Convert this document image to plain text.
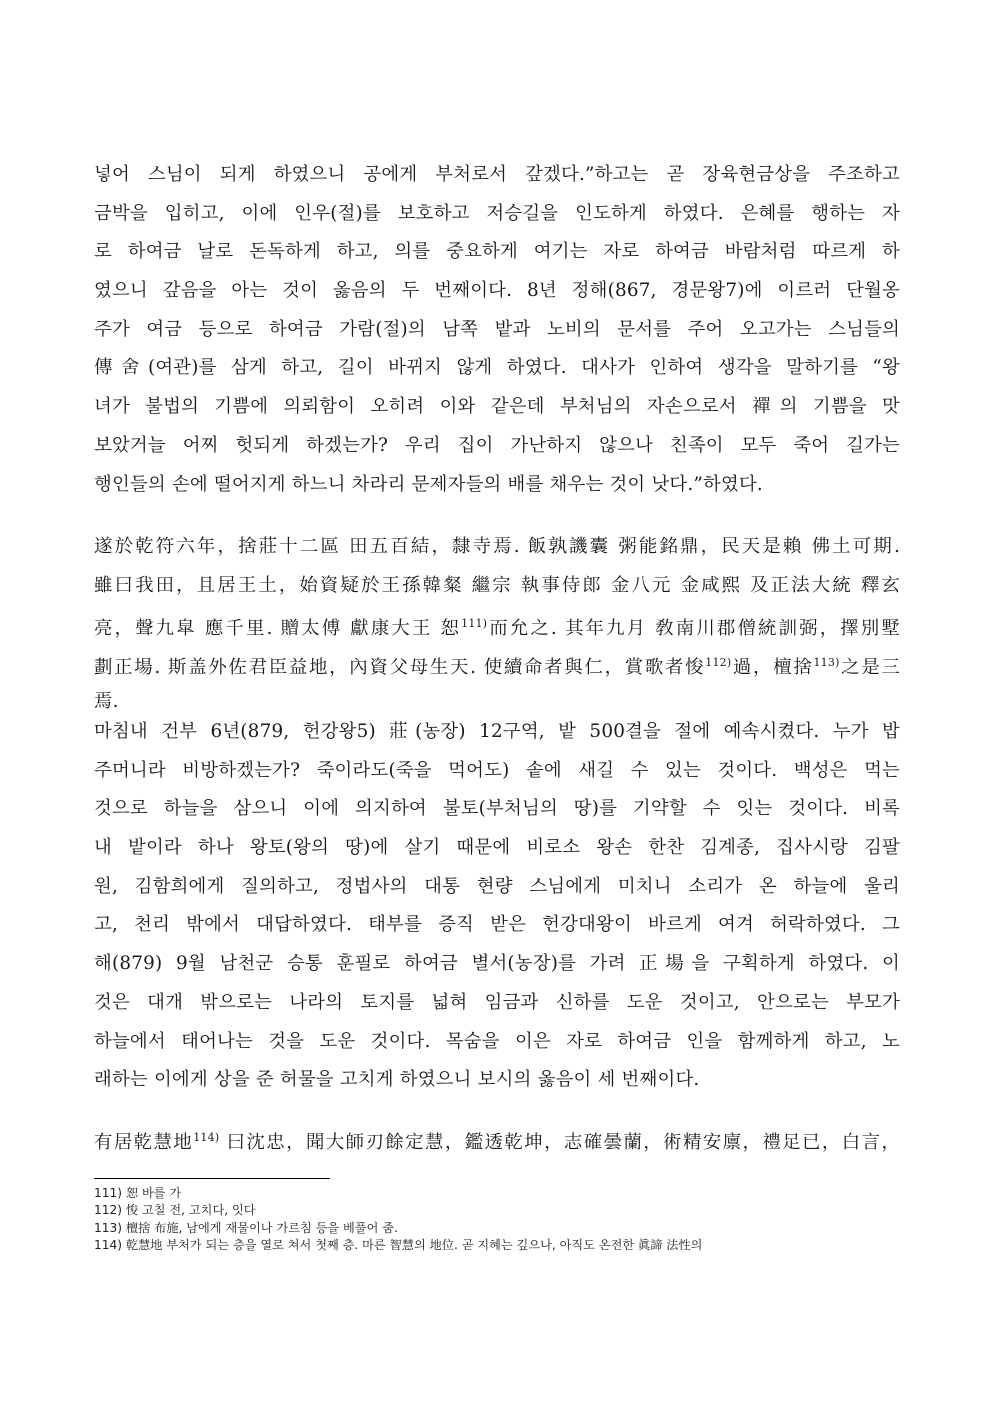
넣어 스님이 되게 하였으니 공에게 부처로서 갚겠다.”하고는 곧 장육현금상을 주조하고
금박을 입히고, 이에 인우(절)를 보호하고 저승길을 인도하게 하였다. 은혜를 행하는 자
로 하여금 날로 돈독하게 하고, 의를 중요하게 여기는 자로 하여금 바람처럼 따르게 하
였으니 갚음을 아는 것이 옳음의 두 번째이다. 8년 정해(867, 경문왕7)에 이르러 단월옹
주가 여금 등으로 하여금 가람(절)의 남쪽 밭과 노비의 문서를 주어 오고가는 스님들의
傳舍(여관)를 삼게 하고, 길이 바뀌지 않게 하였다. 대사가 인하여 생각을 말하기를 “왕
녀가 불법의 기쁨에 의뢰함이 오히려 이와 같은데 부처님의 자손으로서 禪의 기쁨을 맛
보았거늘 어찌 헛되게 하겠는가? 우리 집이 가난하지 않으나 친족이 모두 죽어 길가는
행인들의 손에 떨어지게 하느니 차라리 문제자들의 배를 채우는 것이 낫다.”하였다.
遂於乾符六年，捨莊十二區 田五百結，隸寺焉. 飯孰譏囊 粥能銘鼎，民天是賴 佛土可期.
雖曰我田，且居王土，始資疑於王孫韓粲 繼宗 執事侍郎 金八元 金咸熙 及正法大統 釋玄
亮，聲九皐 應千里. 贈太傅 獻康大王 恕$^{111)}$而允之. 其年九月 敎南川郡僧統訓弼，擇別墅
劃正場. 斯盖外佐君臣益地，內資父母生天. 使續命者與仁，賞歌者悛$^{112)}$過，檀捨$^{113)}$之是三
焉.
마침내 건부 6년(879, 헌강왕5) 莊(농장) 12구역, 밭 500결을 절에 예속시켰다. 누가 밥
주머니라 비방하겠는가? 죽이라도(죽을 먹어도) 솥에 새길 수 있는 것이다. 백성은 먹는
것으로 하늘을 삼으니 이에 의지하여 불토(부처님의 땅)를 기약할 수 잇는 것이다. 비록
내 밭이라 하나 왕토(왕의 땅)에 살기 때문에 비로소 왕손 한찬 김계종, 집사시랑 김팔
원, 김함희에게 질의하고, 정법사의 대통 현량 스님에게 미치니 소리가 온 하늘에 울리
고, 천리 밖에서 대답하였다. 태부를 증직 받은 헌강대왕이 바르게 여겨 허락하였다. 그
해(879) 9월 남천군 승통 훈필로 하여금 별서(농장)를 가려 正場을 구획하게 하였다. 이
것은 대개 밖으로는 나라의 토지를 넓혀 임금과 신하를 도운 것이고, 안으로는 부모가
하늘에서 태어나는 것을 도운 것이다. 목숨을 이은 자로 하여금 인을 함께하게 하고, 노
래하는 이에게 상을 준 허물을 고치게 하였으니 보시의 옳음이 세 번째이다.
有居乾慧地$^{114)}$ 曰沈忠，聞大師刃餘定慧，鑑透乾坤，志確曇蘭，術精安廪，禮足已，白言，
111) 恕 바를 가
112) 悛 고칠 전, 고치다, 잇다
113) 檀捨 布施, 남에게 재물이나 가르침 등을 베풀어 줌.
114) 乾慧地 부처가 되는 층을 열로 쳐서 첫째 층. 마른 智慧의 地位. 곧 지혜는 깊으나, 아직도 온전한 眞諦 法性의
